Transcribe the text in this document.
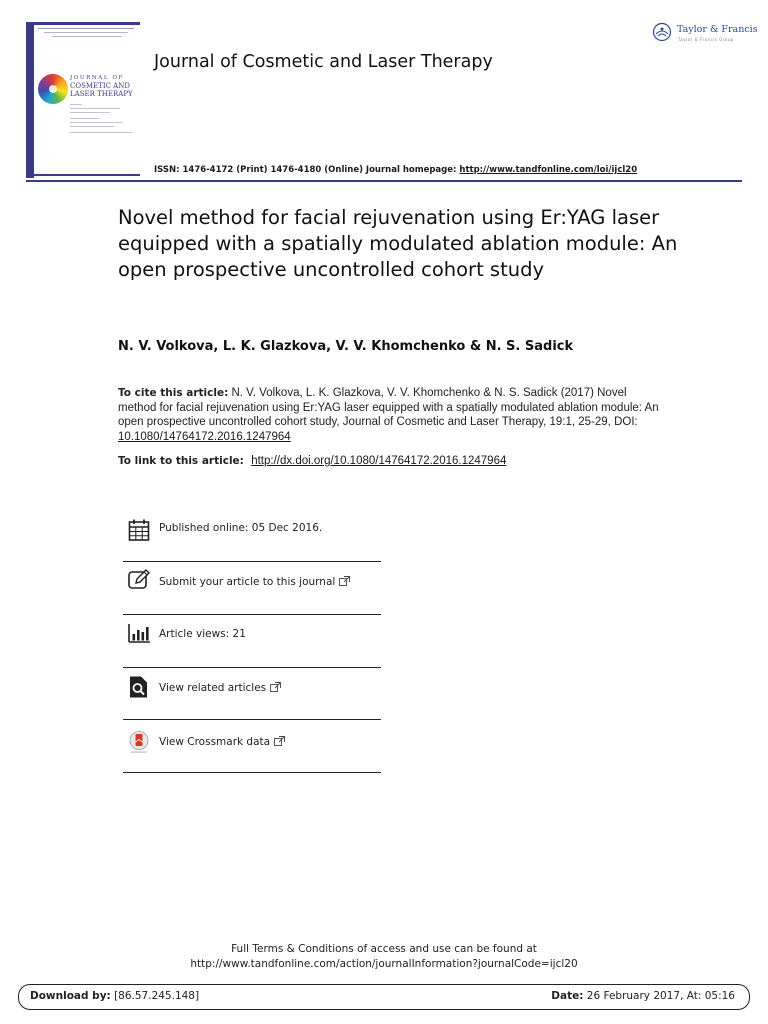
JOURNAL OF
COSMETIC AND
LASER THERAPY
Journal of Cosmetic and Laser Therapy
Taylor & Francis
Taylor & Francis Group
ISSN: 1476-4172 (Print) 1476-4180 (Online) Journal homepage: http://www.tandfonline.com/loi/ijcl20
Novel method for facial rejuvenation using Er:YAG laser equipped with a spatially modulated ablation module: An open prospective uncontrolled cohort study
N. V. Volkova, L. K. Glazkova, V. V. Khomchenko & N. S. Sadick
To cite this article: N. V. Volkova, L. K. Glazkova, V. V. Khomchenko & N. S. Sadick (2017) Novel method for facial rejuvenation using Er:YAG laser equipped with a spatially modulated ablation module: An open prospective uncontrolled cohort study, Journal of Cosmetic and Laser Therapy, 19:1, 25-29, DOI: 10.1080/14764172.2016.1247964
To link to this article: http://dx.doi.org/10.1080/14764172.2016.1247964
Published online: 05 Dec 2016.
Submit your article to this journal
Article views: 21
View related articles
View Crossmark data
Full Terms & Conditions of access and use can be found at
http://www.tandfonline.com/action/journalInformation?journalCode=ijcl20
Download by: [86.57.245.148]	Date: 26 February 2017, At: 05:16
